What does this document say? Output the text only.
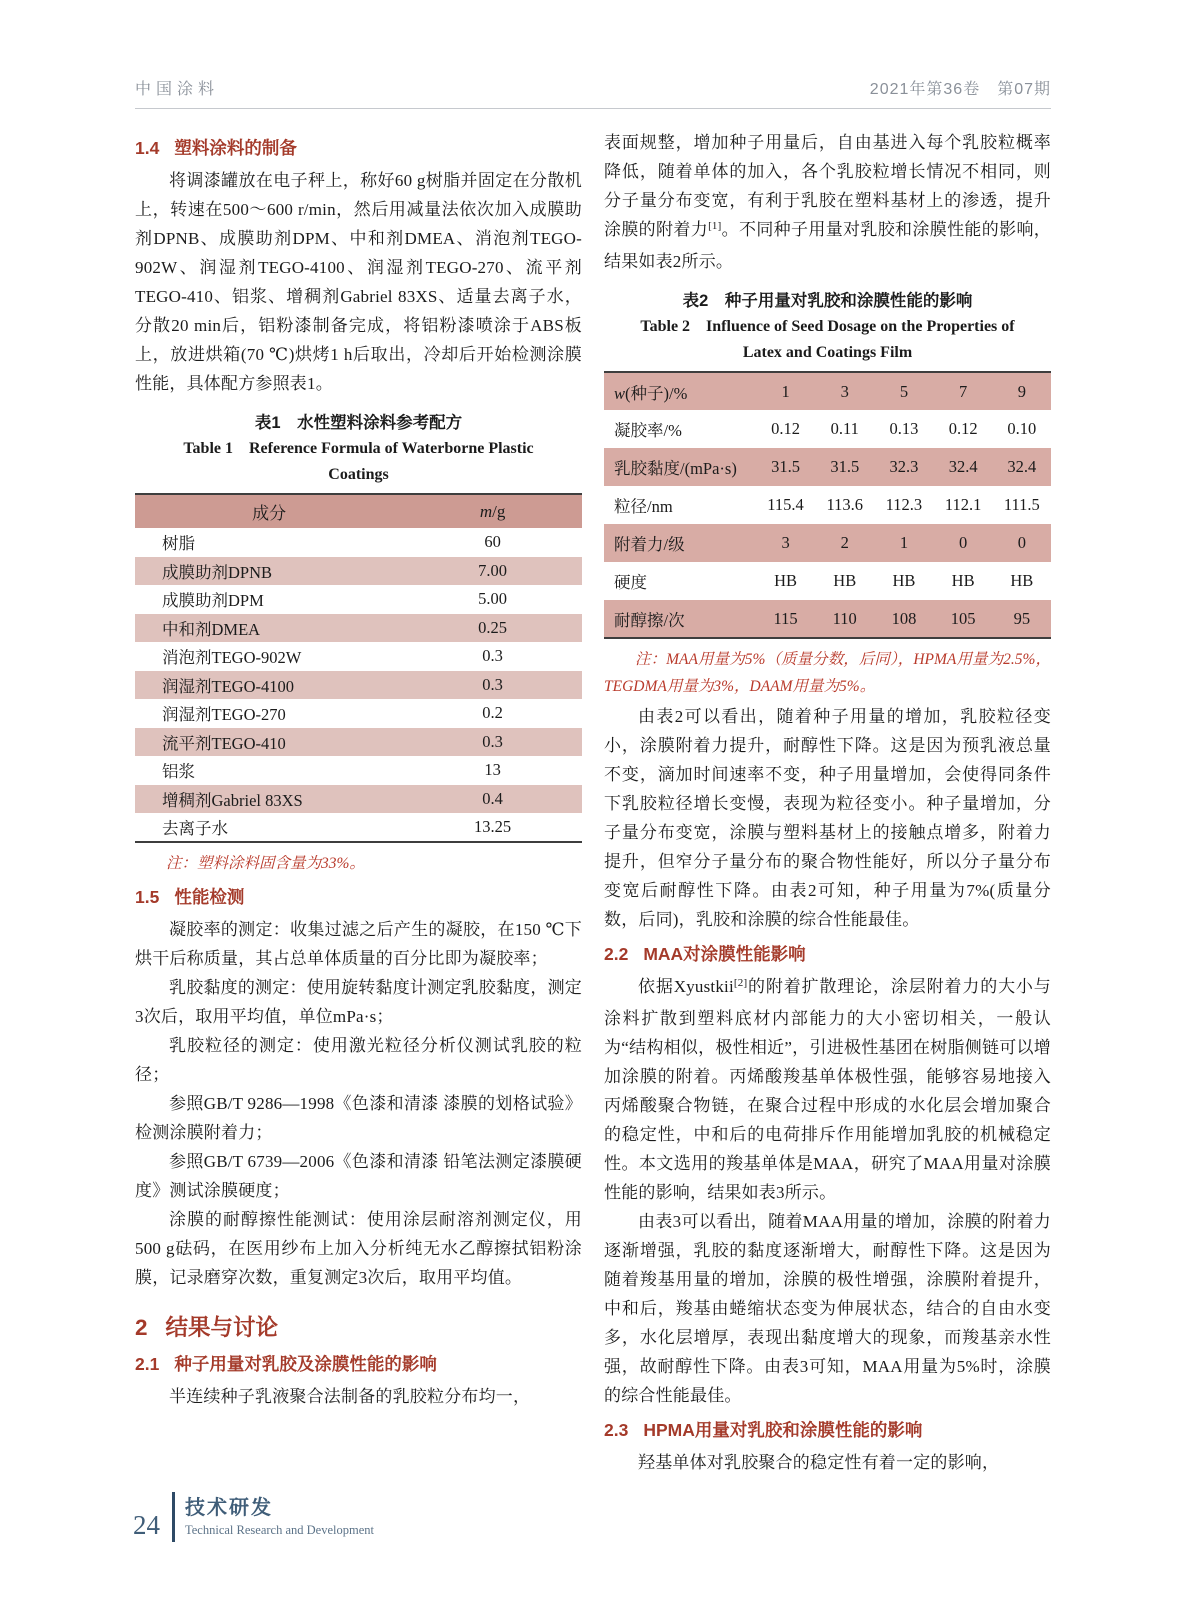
中国涂料	2021年第36卷　第07期
1.4 塑料涂料的制备

将调漆罐放在电子秤上，称好60 g树脂并固定在分散机上，转速在500～600 r/min，然后用减量法依次加入成膜助剂DPNB、成膜助剂DPM、中和剂DMEA、消泡剂TEGO-902W、润湿剂TEGO-4100、润湿剂TEGO-270、流平剂TEGO-410、铝浆、增稠剂Gabriel 83XS、适量去离子水，分散20 min后，铝粉漆制备完成，将铝粉漆喷涂于ABS板上，放进烘箱(70 ℃)烘烤1 h后取出，冷却后开始检测涂膜性能，具体配方参照表1。

表1　水性塑料涂料参考配方
Table 1　Reference Formula of Waterborne Plastic
Coatings
成分	m/g
树脂	60
成膜助剂DPNB	7.00
成膜助剂DPM	5.00
中和剂DMEA	0.25
消泡剂TEGO-902W	0.3
润湿剂TEGO-4100	0.3
润湿剂TEGO-270	0.2
流平剂TEGO-410	0.3
铝浆	13
增稠剂Gabriel 83XS	0.4
去离子水	13.25

注：塑料涂料固含量为33%。

1.5 性能检测

凝胶率的测定：收集过滤之后产生的凝胶，在150 ℃下烘干后称质量，其占总单体质量的百分比即为凝胶率；

乳胶黏度的测定：使用旋转黏度计测定乳胶黏度，测定3次后，取用平均值，单位mPa·s；

乳胶粒径的测定：使用激光粒径分析仪测试乳胶的粒径；

参照GB/T 9286—1998《色漆和清漆 漆膜的划格试验》检测涂膜附着力；

参照GB/T 6739—2006《色漆和清漆 铅笔法测定漆膜硬度》测试涂膜硬度；

涂膜的耐醇擦性能测试：使用涂层耐溶剂测定仪，用500 g砝码，在医用纱布上加入分析纯无水乙醇擦拭铝粉涂膜，记录磨穿次数，重复测定3次后，取用平均值。

2 结果与讨论
2.1 种子用量对乳胶及涂膜性能的影响

半连续种子乳液聚合法制备的乳胶粒分布均一，

表面规整，增加种子用量后，自由基进入每个乳胶粒概率降低，随着单体的加入，各个乳胶粒增长情况不相同，则分子量分布变宽，有利于乳胶在塑料基材上的渗透，提升涂膜的附着力[1]。不同种子用量对乳胶和涂膜性能的影响，结果如表2所示。

表2　种子用量对乳胶和涂膜性能的影响
Table 2　Influence of Seed Dosage on the Properties of
Latex and Coatings Film
w(种子)/%	1	3	5	7	9
凝胶率/%	0.12	0.11	0.13	0.12	0.10
乳胶黏度/(mPa·s)	31.5	31.5	32.3	32.4	32.4
粒径/nm	115.4	113.6	112.3	112.1	111.5
附着力/级	3	2	1	0	0
硬度	HB	HB	HB	HB	HB
耐醇擦/次	115	110	108	105	95

注：MAA用量为5%（质量分数，后同），HPMA用量为2.5%，TEGDMA用量为3%，DAAM用量为5%。

由表2可以看出，随着种子用量的增加，乳胶粒径变小，涂膜附着力提升，耐醇性下降。这是因为预乳液总量不变，滴加时间速率不变，种子用量增加，会使得同条件下乳胶粒径增长变慢，表现为粒径变小。种子量增加，分子量分布变宽，涂膜与塑料基材上的接触点增多，附着力提升，但窄分子量分布的聚合物性能好，所以分子量分布变宽后耐醇性下降。由表2可知，种子用量为7%(质量分数，后同)，乳胶和涂膜的综合性能最佳。

2.2 MAA对涂膜性能影响

依据Xyustkii[2]的附着扩散理论，涂层附着力的大小与涂料扩散到塑料底材内部能力的大小密切相关，一般认为“结构相似，极性相近”，引进极性基团在树脂侧链可以增加涂膜的附着。丙烯酸羧基单体极性强，能够容易地接入丙烯酸聚合物链，在聚合过程中形成的水化层会增加聚合的稳定性，中和后的电荷排斥作用能增加乳胶的机械稳定性。本文选用的羧基单体是MAA，研究了MAA用量对涂膜性能的影响，结果如表3所示。

由表3可以看出，随着MAA用量的增加，涂膜的附着力逐渐增强，乳胶的黏度逐渐增大，耐醇性下降。这是因为随着羧基用量的增加，涂膜的极性增强，涂膜附着提升，中和后，羧基由蜷缩状态变为伸展状态，结合的自由水变多，水化层增厚，表现出黏度增大的现象，而羧基亲水性强，故耐醇性下降。由表3可知，MAA用量为5%时，涂膜的综合性能最佳。

2.3 HPMA用量对乳胶和涂膜性能的影响

羟基单体对乳胶聚合的稳定性有着一定的影响，

24
技术研发
Technical Research and Development
